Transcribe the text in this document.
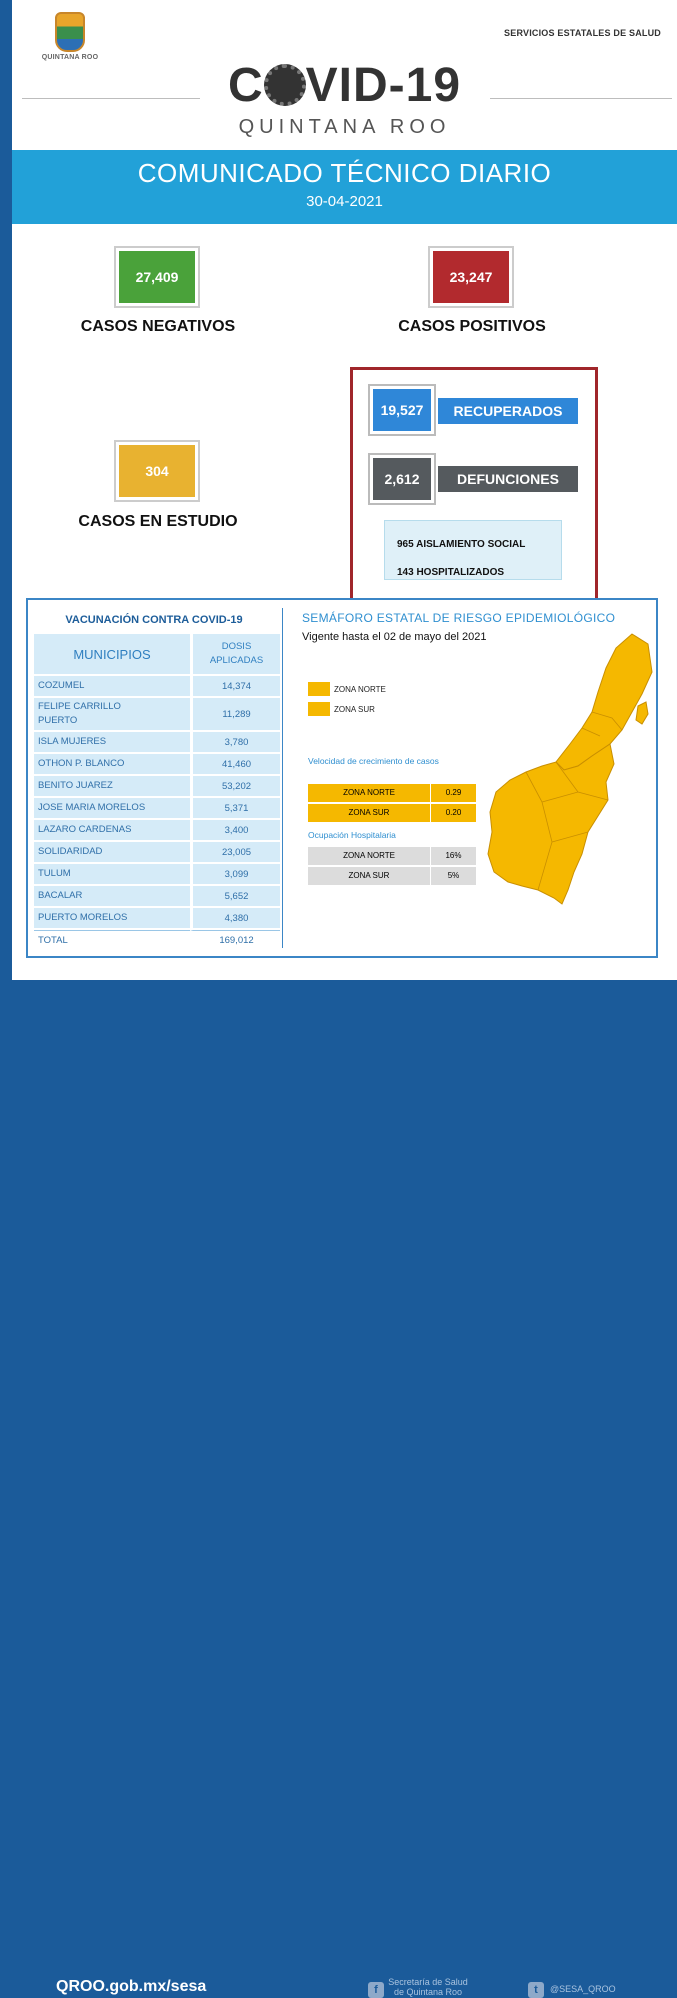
QUINTANA ROO
SERVICIOS ESTATALES DE SALUD
C VID-19
QUINTANA ROO
COMUNICADO TÉCNICO DIARIO
30-04-2021
27,409
CASOS NEGATIVOS
23,247
CASOS POSITIVOS
304
CASOS EN ESTUDIO
19,527	RECUPERADOS
2,612	DEFUNCIONES
965 AISLAMIENTO SOCIAL
143 HOSPITALIZADOS
VACUNACIÓN CONTRA COVID-19
MUNICIPIOS	DOSIS
APLICADAS
COZUMEL	14,374
FELIPE CARRILLO
PUERTO	11,289
ISLA MUJERES	3,780
OTHON P. BLANCO	41,460
BENITO JUAREZ	53,202
JOSE MARIA MORELOS	5,371
LAZARO CARDENAS	3,400
SOLIDARIDAD	23,005
TULUM	3,099
BACALAR	5,652
PUERTO MORELOS	4,380
TOTAL	169,012
SEMÁFORO ESTATAL DE RIESGO EPIDEMIOLÓGICO
Vigente hasta el 02 de mayo del 2021
ZONA NORTE
ZONA SUR
Velocidad de crecimiento de casos
ZONA NORTE	0.29
ZONA SUR	0.20
Ocupación Hospitalaria
ZONA NORTE	16%
ZONA SUR	5%
QROO.gob.mx/sesa	f
Secretaría de Salud
de Quintana Roo	t	@SESA_QROO
